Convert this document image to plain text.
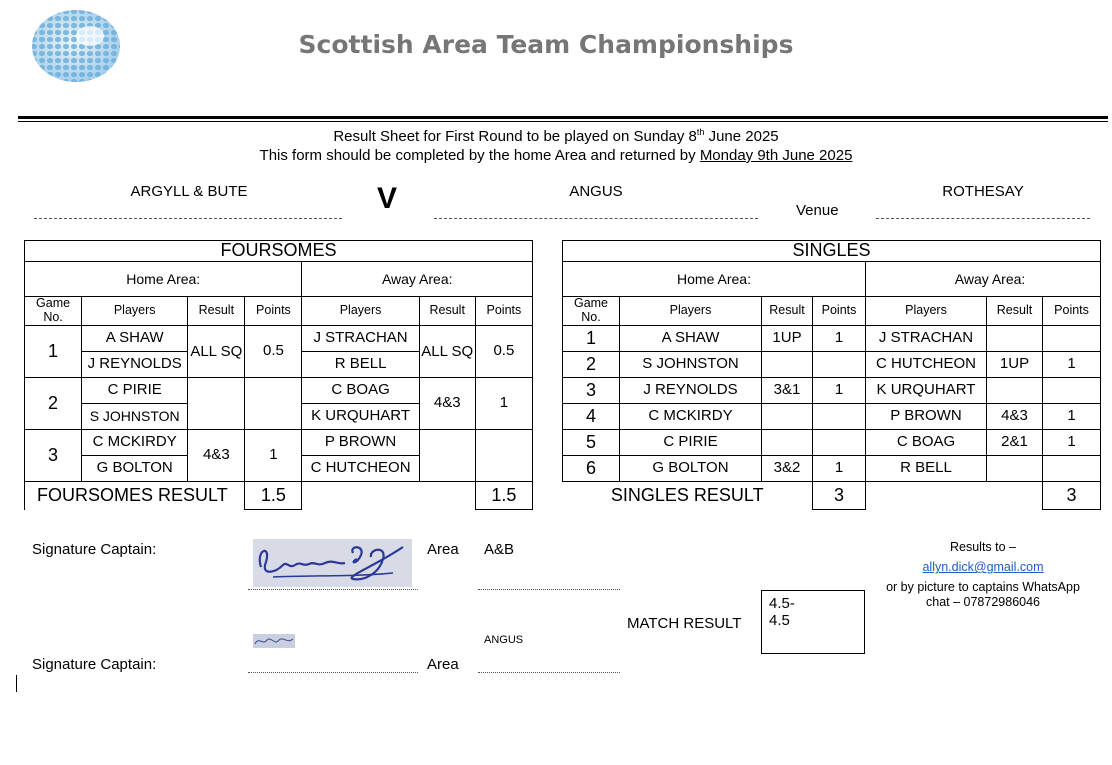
Scottish Area Team Championships
Result Sheet for First Round to be played on Sunday 8th June 2025
This form should be completed by the home Area and returned by Monday 9th June 2025
ARGYLL & BUTE	V	ANGUS
Venue
ROTHESAY
FOURSOMES						
Home Area:				Away Area:		
Game No.	Players	Result	Points	Players	Result	Points
1	A SHAW	ALL SQ	0.5	J STRACHAN	ALL SQ	0.5
	J REYNOLDS			R BELL		
2	C PIRIE			C BOAG	4&3	1
	S JOHNSTON			K URQUHART		
3	C MCKIRDY	4&3	1	P BROWN		
	G BOLTON			C HUTCHEON		
FOURSOMES RESULT			1.5			1.5
SINGLES						
Home Area:				Away Area:		
Game No.	Players	Result	Points	Players	Result	Points
1	A SHAW	1UP	1	J STRACHAN		
2	S JOHNSTON			C HUTCHEON	1UP	1
3	J REYNOLDS	3&1	1	K URQUHART		
4	C MCKIRDY			P BROWN	4&3	1
5	C PIRIE			C BOAG	2&1	1
6	G BOLTON	3&2	1	R BELL		
SINGLES RESULT			3			3
Signature Captain:	Area A&B
ANGUS
Signature Captain:	Area
MATCH RESULT
4.5-
4.5
Results to –
allyn.dick@gmail.com
or by picture to captains WhatsApp
chat – 07872986046
